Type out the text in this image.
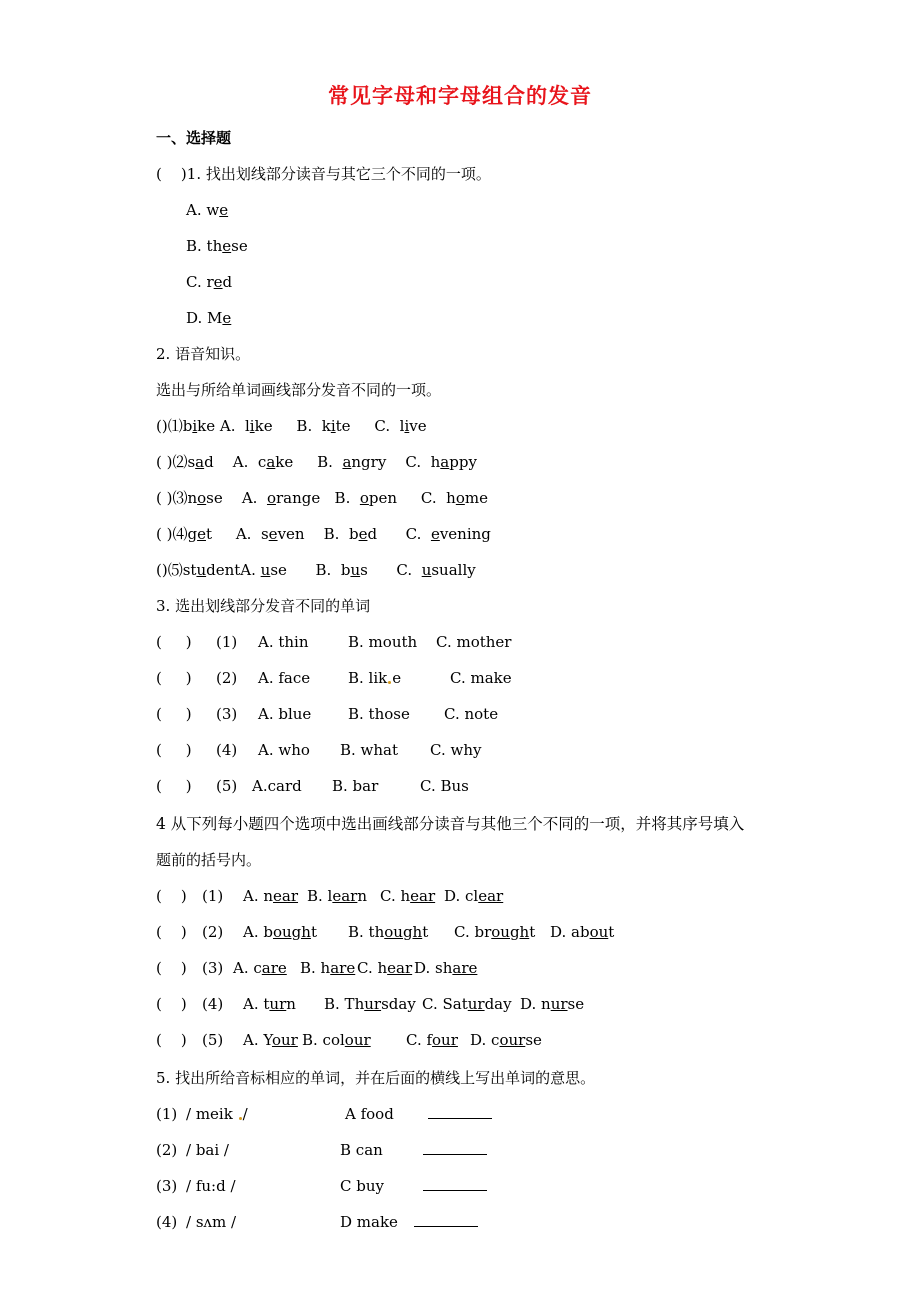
常见字母和字母组合的发音
一、选择题
(    )1. 找出划线部分读音与其它三个不同的一项。
A. we
B. these
C. red
D. Me
2. 语音知识。
选出与所给单词画线部分发音不同的一项。
()⑴bike A.  like     B.  kite     C.  live
( )⑵sad    A.  cake     B.  angry    C.  happy
( )⑶nose    A.  orange   B.  open     C.  home
( )⑷get     A.  seven    B.  bed      C.  evening
()⑸studentA. use      B.  bus      C.  usually
3. 选出划线部分发音不同的单词
(     ) (1) A. thin	B. mouth C. mother
(     ) (2) A. face	B. lik e	C. make
(     ) (3) A. blue B. those C. note
(     ) (4) A. who B. what C. why
(     ) (5) A.card B. bar	C. Bus
4 从下列每小题四个选项中选出画线部分读音与其他三个不同的一项，并将其序号填入
题前的括号内。
(    ) (1) A. near B. learn C. hear D. clear
(    ) (2) A. bought B. thought C. brought D. about
(    ) (3) A. care B. hare C. hear D. share
(    ) (4) A. turn B. Thursday C. Saturday D. nurse
(    ) (5) A. Your B. colour C. four D. course
5. 找出所给音标相应的单词，并在后面的横线上写出单词的意思。
(1) / meik /	A food
(2) / bai /	B can
(3) / fu:d /	C buy
(4) / sʌm /	D make
